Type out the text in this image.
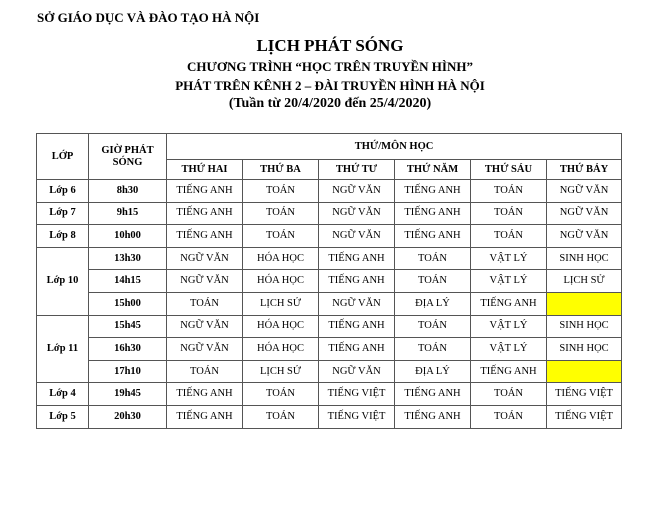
SỞ GIÁO DỤC VÀ ĐÀO TẠO HÀ NỘI
LỊCH PHÁT SÓNG
CHƯƠNG TRÌNH “HỌC TRÊN TRUYỀN HÌNH”
PHÁT TRÊN KÊNH 2 – ĐÀI TRUYỀN HÌNH HÀ NỘI
(Tuần từ 20/4/2020 đến 25/4/2020)
LỚP	GIỜ PHÁT SÓNG	THỨ/MÔN HỌC					
		THỨ HAI	THỨ BA	THỨ TƯ	THỨ NĂM	THỨ SÁU	THỨ BẢY
Lớp 6	8h30	TIẾNG ANH	TOÁN	NGỮ VĂN	TIẾNG ANH	TOÁN	NGỮ VĂN
Lớp 7	9h15	TIẾNG ANH	TOÁN	NGỮ VĂN	TIẾNG ANH	TOÁN	NGỮ VĂN
Lớp 8	10h00	TIẾNG ANH	TOÁN	NGỮ VĂN	TIẾNG ANH	TOÁN	NGỮ VĂN
Lớp 10	13h30	NGỮ VĂN	HÓA HỌC	TIẾNG ANH	TOÁN	VẬT LÝ	SINH HỌC
	14h15	NGỮ VĂN	HÓA HỌC	TIẾNG ANH	TOÁN	VẬT LÝ	LỊCH SỬ
	15h00	TOÁN	LỊCH SỬ	NGỮ VĂN	ĐỊA LÝ	TIẾNG ANH	
Lớp 11	15h45	NGỮ VĂN	HÓA HỌC	TIẾNG ANH	TOÁN	VẬT LÝ	SINH HỌC
	16h30	NGỮ VĂN	HÓA HỌC	TIẾNG ANH	TOÁN	VẬT LÝ	SINH HỌC
	17h10	TOÁN	LỊCH SỬ	NGỮ VĂN	ĐỊA LÝ	TIẾNG ANH	
Lớp 4	19h45	TIẾNG ANH	TOÁN	TIẾNG VIỆT	TIẾNG ANH	TOÁN	TIẾNG VIỆT
Lớp 5	20h30	TIẾNG ANH	TOÁN	TIẾNG VIỆT	TIẾNG ANH	TOÁN	TIẾNG VIỆT
